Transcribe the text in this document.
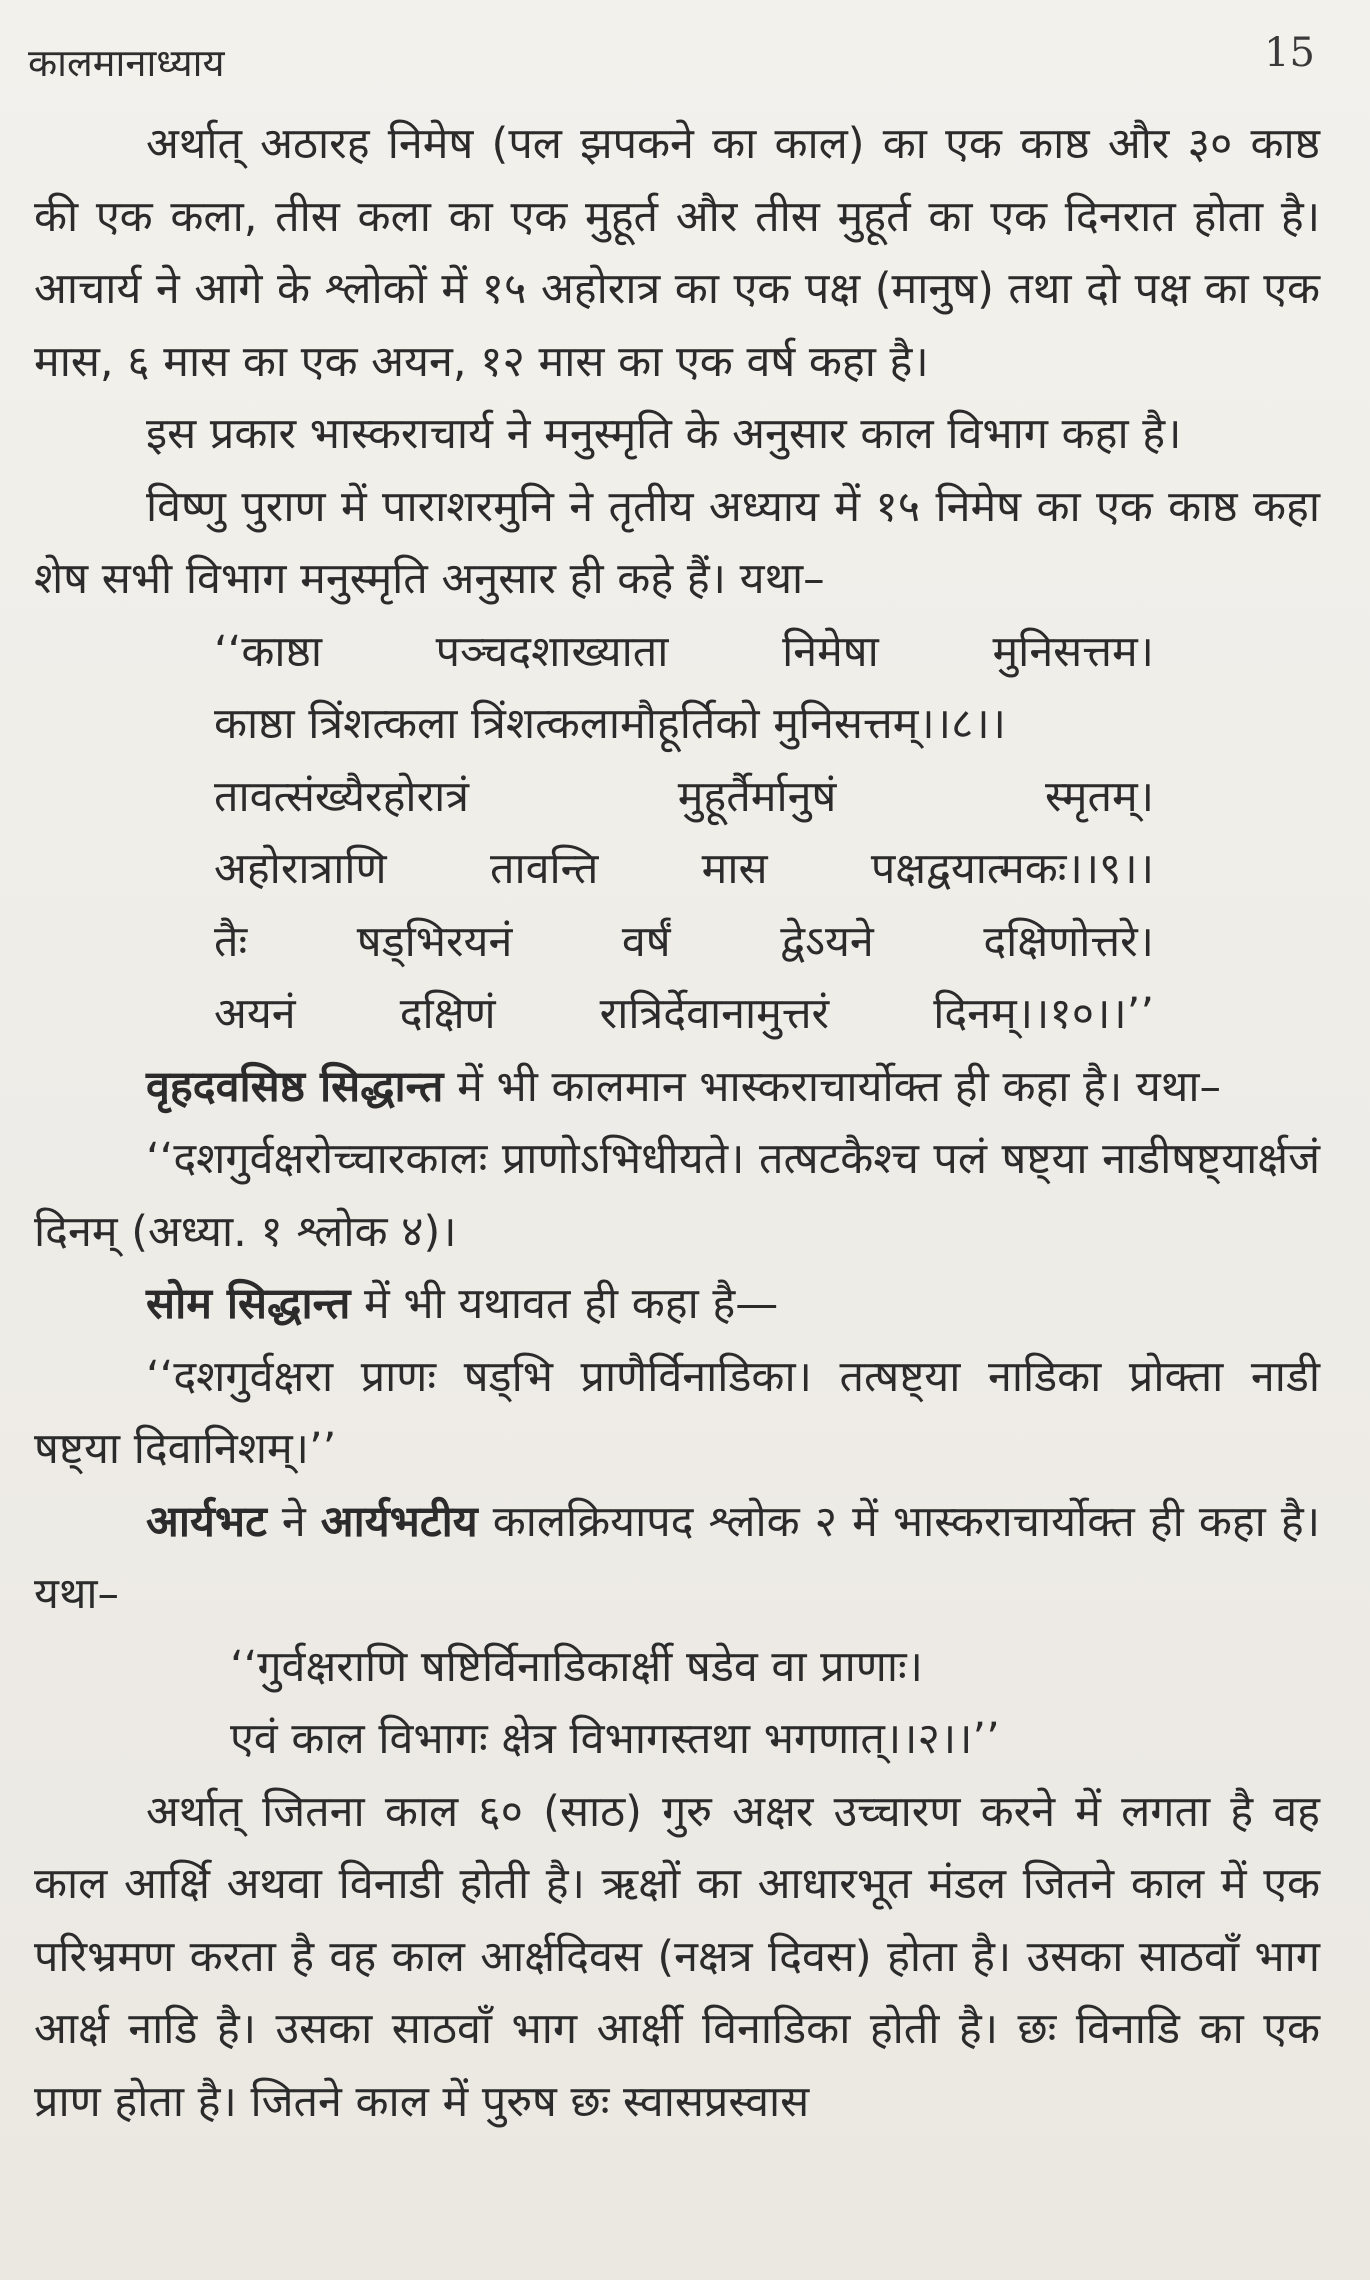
कालमानाध्याय	15

अर्थात् अठारह निमेष (पल झपकने का काल) का एक काष्ठ और ३० काष्ठ की एक कला, तीस कला का एक मुहूर्त और तीस मुहूर्त का एक दिनरात होता है। आचार्य ने आगे के श्लोकों में १५ अहोरात्र का एक पक्ष (मानुष) तथा दो पक्ष का एक मास, ६ मास का एक अयन, १२ मास का एक वर्ष कहा है।

इस प्रकार भास्कराचार्य ने मनुस्मृति के अनुसार काल विभाग कहा है।

विष्णु पुराण में पाराशरमुनि ने तृतीय अध्याय में १५ निमेष का एक काष्ठ कहा शेष सभी विभाग मनुस्मृति अनुसार ही कहे हैं। यथा–

‘‘काष्ठा	पञ्चदशाख्याता	निमेषा	मुनिसत्तम।
काष्ठा त्रिंशत्कला त्रिंशत्कलामौहूर्तिको मुनिसत्तम्।।८।।
तावत्संख्यैरहोरात्रं	मुहूर्तैर्मानुषं	स्मृतम्।
अहोरात्राणि तावन्ति मास पक्षद्वयात्मकः।।९।।
तैः	षड्भिरयनं	वर्षं	द्वेऽयने	दक्षिणोत्तरे।
अयनं दक्षिणं रात्रिर्देवानामुत्तरं दिनम्।।१०।।’’

वृहदवसिष्ठ सिद्धान्त में भी कालमान भास्कराचार्योक्त ही कहा है। यथा–

‘‘दशगुर्वक्षरोच्चारकालः प्राणोऽभिधीयते। तत्षटकैश्च पलं षष्ट्या नाडीषष्ट्यार्क्षजं दिनम् (अध्या. १ श्लोक ४)।

सोम सिद्धान्त में भी यथावत ही कहा है—

‘‘दशगुर्वक्षरा प्राणः षड्भि प्राणैर्विनाडिका। तत्षष्ट्या नाडिका प्रोक्ता नाडी षष्ट्या दिवानिशम्।’’

आर्यभट ने आर्यभटीय कालक्रियापद श्लोक २ में भास्कराचार्योक्त ही कहा है। यथा–

‘‘गुर्वक्षराणि षष्टिर्विनाडिकार्क्षी षडेव वा प्राणाः।
एवं काल विभागः क्षेत्र विभागस्तथा भगणात्।।२।।’’

अर्थात् जितना काल ६० (साठ) गुरु अक्षर उच्चारण करने में लगता है वह काल आर्क्षि अथवा विनाडी होती है। ऋक्षों का आधारभूत मंडल जितने काल में एक परिभ्रमण करता है वह काल आर्क्षदिवस (नक्षत्र दिवस) होता है। उसका साठवाँ भाग आर्क्ष नाडि है। उसका साठवाँ भाग आर्क्षी विनाडिका होती है। छः विनाडि का एक प्राण होता है। जितने काल में पुरुष छः स्वासप्रस्वास
